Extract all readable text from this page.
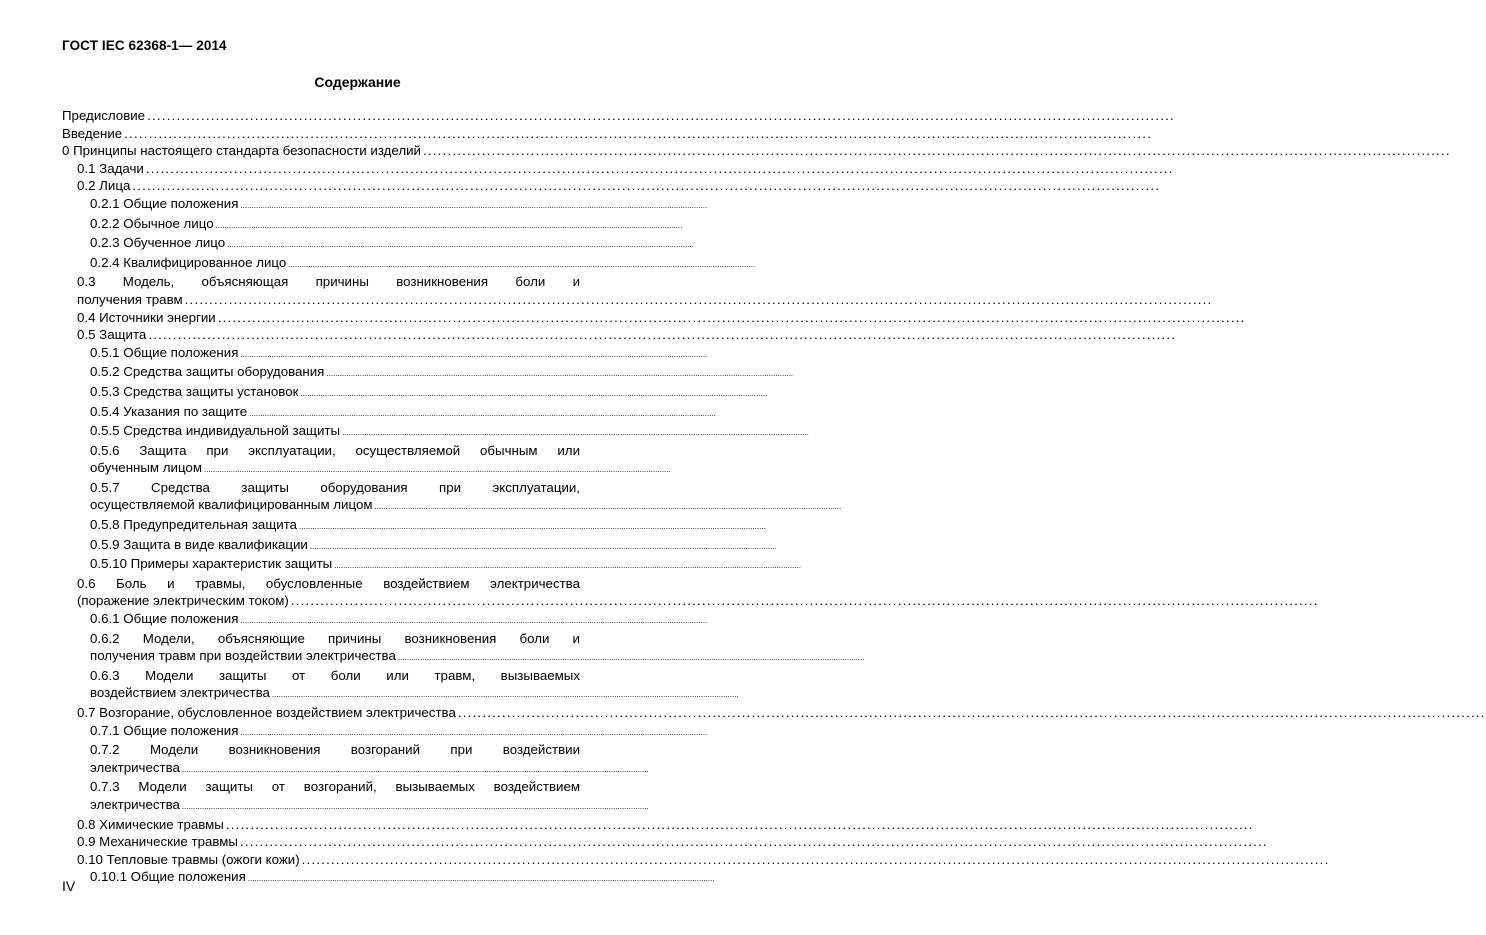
ГОСТ IEC 62368-1— 2014
Содержание
Предисловие ..................................................................................................................................................................................................................
Введение ..................................................................................................................................................................................................................
0 Принципы настоящего стандарта безопасности изделий ..................................................................................................................................................................................................................
0.1 Задачи ..................................................................................................................................................................................................................
0.2 Лица ..................................................................................................................................................................................................................
0.2.1 Общие положения ..................................................................................................................................................................................................................
0.2.2 Обычное лицо ..................................................................................................................................................................................................................
0.2.3 Обученное лицо ..................................................................................................................................................................................................................
0.2.4 Квалифицированное лицо ..................................................................................................................................................................................................................
0.3 Модель, объясняющая причины возникновения боли и
получения травм ..................................................................................................................................................................................................................
0.4 Источники энергии ..................................................................................................................................................................................................................
0.5 Защита ..................................................................................................................................................................................................................
0.5.1 Общие положения ..................................................................................................................................................................................................................
0.5.2 Средства защиты оборудования ..................................................................................................................................................................................................................
0.5.3 Средства защиты установок ..................................................................................................................................................................................................................
0.5.4 Указания по защите ..................................................................................................................................................................................................................
0.5.5 Средства индивидуальной защиты ..................................................................................................................................................................................................................
0.5.6 Защита при эксплуатации, осуществляемой обычным или
обученным лицом ..................................................................................................................................................................................................................
0.5.7 Средства защиты оборудования при эксплуатации,
осуществляемой квалифицированным лицом ..................................................................................................................................................................................................................
0.5.8 Предупредительная защита ..................................................................................................................................................................................................................
0.5.9 Защита в виде квалификации ..................................................................................................................................................................................................................
0.5.10 Примеры характеристик защиты ..................................................................................................................................................................................................................
0.6 Боль и травмы, обусловленные воздействием электричества
(поражение электрическим током) ..................................................................................................................................................................................................................
0.6.1 Общие положения ..................................................................................................................................................................................................................
0.6.2 Модели, объясняющие причины возникновения боли и
получения травм при воздействии электричества ..................................................................................................................................................................................................................
0.6.3 Модели защиты от боли или травм, вызываемых
воздействием электричества ..................................................................................................................................................................................................................
0.7 Возгорание, обусловленное воздействием электричества ..................................................................................................................................................................................................................
0.7.1 Общие положения ..................................................................................................................................................................................................................
0.7.2 Модели возникновения возгораний при воздействии
электричества ..................................................................................................................................................................................................................
0.7.3 Модели защиты от возгораний, вызываемых воздействием
электричества ..................................................................................................................................................................................................................
0.8 Химические травмы ..................................................................................................................................................................................................................
0.9 Механические травмы ..................................................................................................................................................................................................................
0.10 Тепловые травмы (ожоги кожи) ..................................................................................................................................................................................................................
0.10.1 Общие положения ..................................................................................................................................................................................................................
IV
